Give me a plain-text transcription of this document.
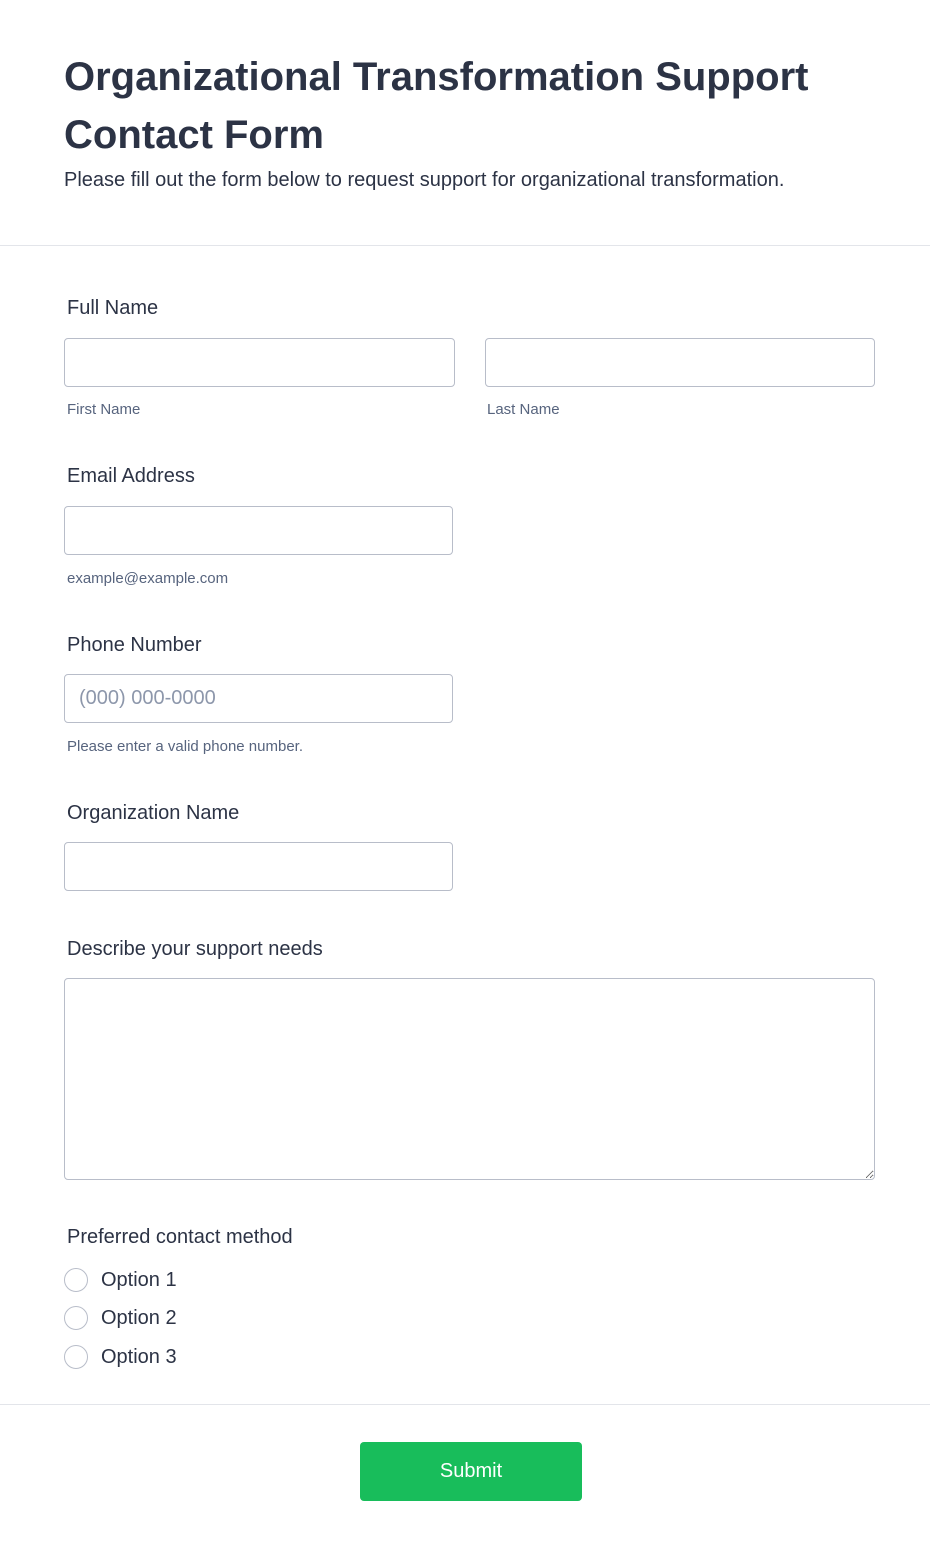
Organizational Transformation Support Contact Form

Please fill out the form below to request support for organizational transformation.

Full Name
First Name	Last Name
Email Address
example@example.com
Phone Number
(000) 000-0000
Please enter a valid phone number.
Organization Name
Describe your support needs
Preferred contact method
Option 1
Option 2
Option 3
Submit
